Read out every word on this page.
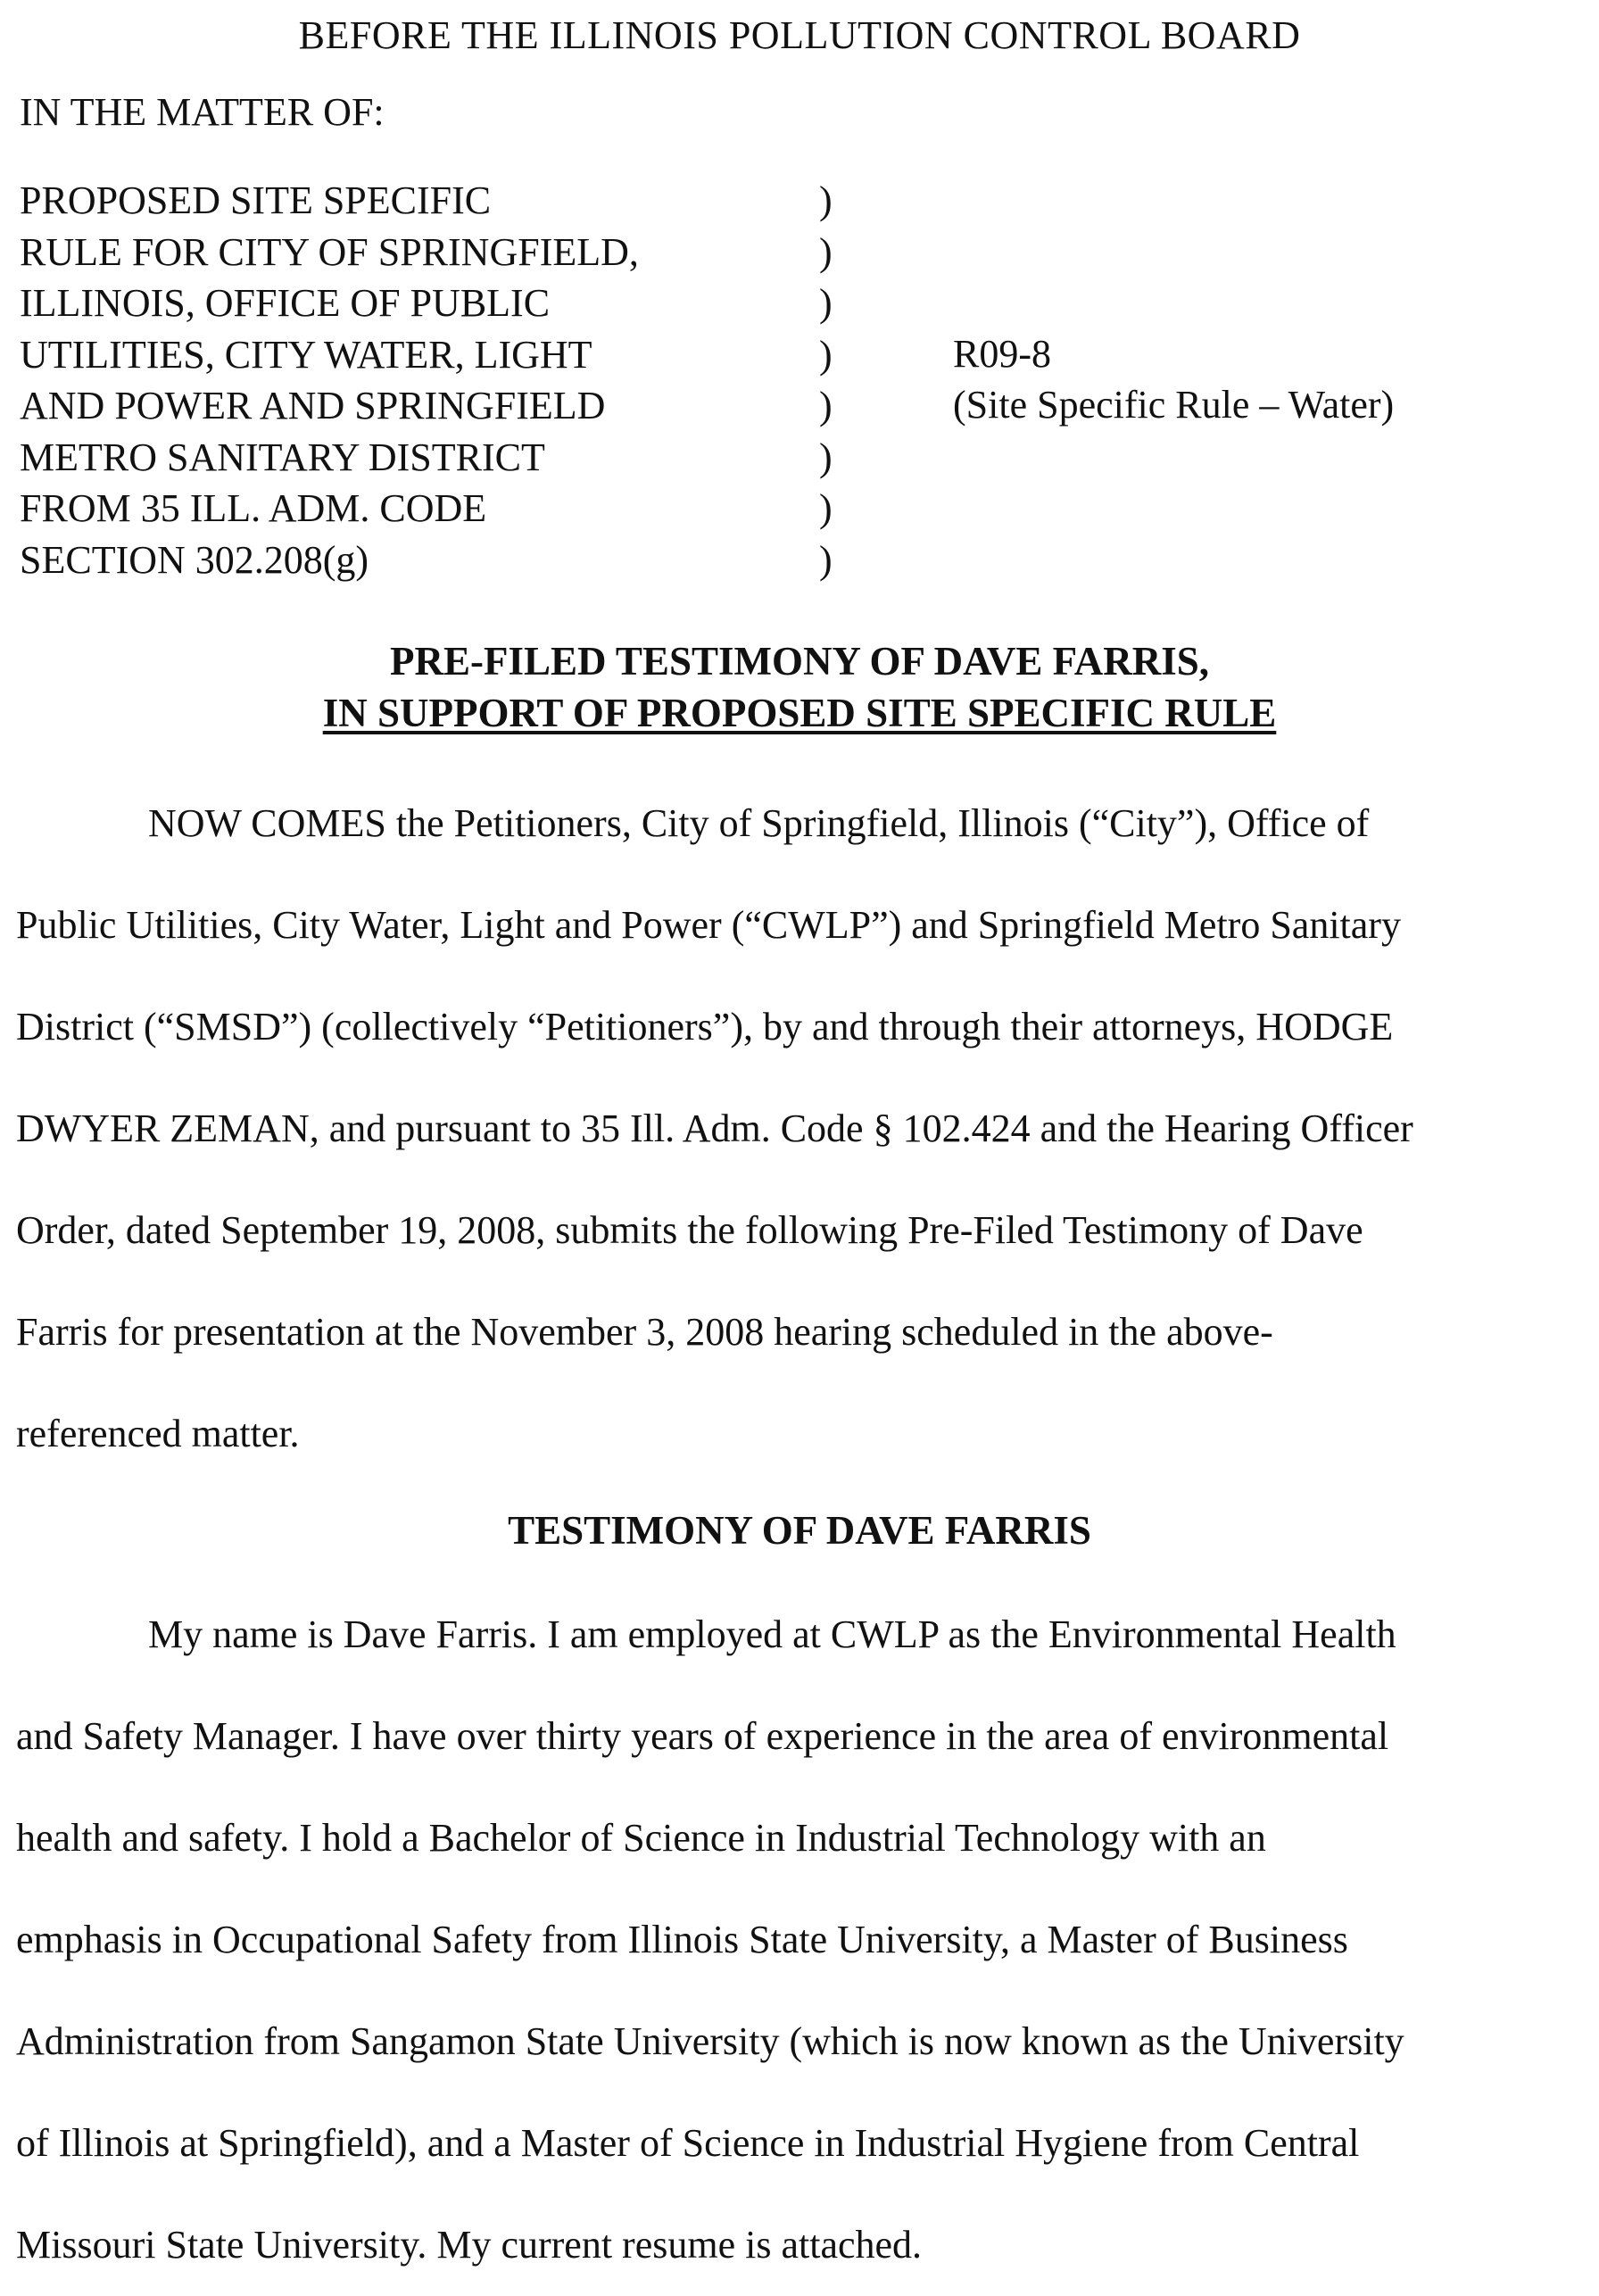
BEFORE THE ILLINOIS POLLUTION CONTROL BOARD
IN THE MATTER OF:
PROPOSED SITE SPECIFIC
RULE FOR CITY OF SPRINGFIELD,
ILLINOIS, OFFICE OF PUBLIC
UTILITIES, CITY WATER, LIGHT
AND POWER AND SPRINGFIELD
METRO SANITARY DISTRICT
FROM 35 ILL. ADM. CODE
SECTION 302.208(g)
)
)
)
)
)
)
)
)
R09-8
(Site Specific Rule – Water)
PRE-FILED TESTIMONY OF DAVE FARRIS,
IN SUPPORT OF PROPOSED SITE SPECIFIC RULE
NOW COMES the Petitioners, City of Springfield, Illinois (“City”), Office of
Public Utilities, City Water, Light and Power (“CWLP”) and Springfield Metro Sanitary
District (“SMSD”) (collectively “Petitioners”), by and through their attorneys, HODGE
DWYER ZEMAN, and pursuant to 35 Ill. Adm. Code § 102.424 and the Hearing Officer
Order, dated September 19, 2008, submits the following Pre-Filed Testimony of Dave
Farris for presentation at the November 3, 2008 hearing scheduled in the above-
referenced matter.
TESTIMONY OF DAVE FARRIS
My name is Dave Farris. I am employed at CWLP as the Environmental Health
and Safety Manager. I have over thirty years of experience in the area of environmental
health and safety. I hold a Bachelor of Science in Industrial Technology with an
emphasis in Occupational Safety from Illinois State University, a Master of Business
Administration from Sangamon State University (which is now known as the University
of Illinois at Springfield), and a Master of Science in Industrial Hygiene from Central
Missouri State University. My current resume is attached.
